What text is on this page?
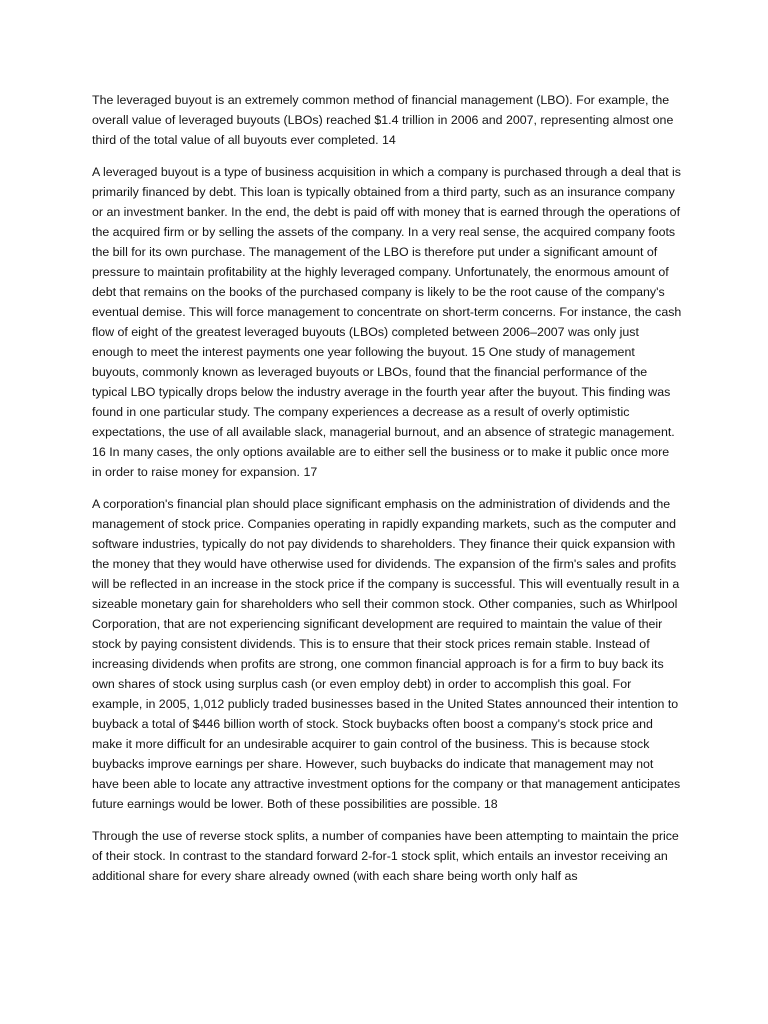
The leveraged buyout is an extremely common method of financial management (LBO). For example, the overall value of leveraged buyouts (LBOs) reached $1.4 trillion in 2006 and 2007, representing almost one third of the total value of all buyouts ever completed. 14

A leveraged buyout is a type of business acquisition in which a company is purchased through a deal that is primarily financed by debt. This loan is typically obtained from a third party, such as an insurance company or an investment banker. In the end, the debt is paid off with money that is earned through the operations of the acquired firm or by selling the assets of the company. In a very real sense, the acquired company foots the bill for its own purchase. The management of the LBO is therefore put under a significant amount of pressure to maintain profitability at the highly leveraged company. Unfortunately, the enormous amount of debt that remains on the books of the purchased company is likely to be the root cause of the company's eventual demise. This will force management to concentrate on short-term concerns. For instance, the cash flow of eight of the greatest leveraged buyouts (LBOs) completed between 2006–2007 was only just enough to meet the interest payments one year following the buyout. 15 One study of management buyouts, commonly known as leveraged buyouts or LBOs, found that the financial performance of the typical LBO typically drops below the industry average in the fourth year after the buyout. This finding was found in one particular study. The company experiences a decrease as a result of overly optimistic expectations, the use of all available slack, managerial burnout, and an absence of strategic management. 16 In many cases, the only options available are to either sell the business or to make it public once more in order to raise money for expansion. 17

A corporation's financial plan should place significant emphasis on the administration of dividends and the management of stock price. Companies operating in rapidly expanding markets, such as the computer and software industries, typically do not pay dividends to shareholders. They finance their quick expansion with the money that they would have otherwise used for dividends. The expansion of the firm's sales and profits will be reflected in an increase in the stock price if the company is successful. This will eventually result in a sizeable monetary gain for shareholders who sell their common stock. Other companies, such as Whirlpool Corporation, that are not experiencing significant development are required to maintain the value of their stock by paying consistent dividends. This is to ensure that their stock prices remain stable. Instead of increasing dividends when profits are strong, one common financial approach is for a firm to buy back its own shares of stock using surplus cash (or even employ debt) in order to accomplish this goal. For example, in 2005, 1,012 publicly traded businesses based in the United States announced their intention to buyback a total of $446 billion worth of stock. Stock buybacks often boost a company's stock price and make it more difficult for an undesirable acquirer to gain control of the business. This is because stock buybacks improve earnings per share. However, such buybacks do indicate that management may not have been able to locate any attractive investment options for the company or that management anticipates future earnings would be lower. Both of these possibilities are possible. 18

Through the use of reverse stock splits, a number of companies have been attempting to maintain the price of their stock. In contrast to the standard forward 2-for-1 stock split, which entails an investor receiving an additional share for every share already owned (with each share being worth only half as
